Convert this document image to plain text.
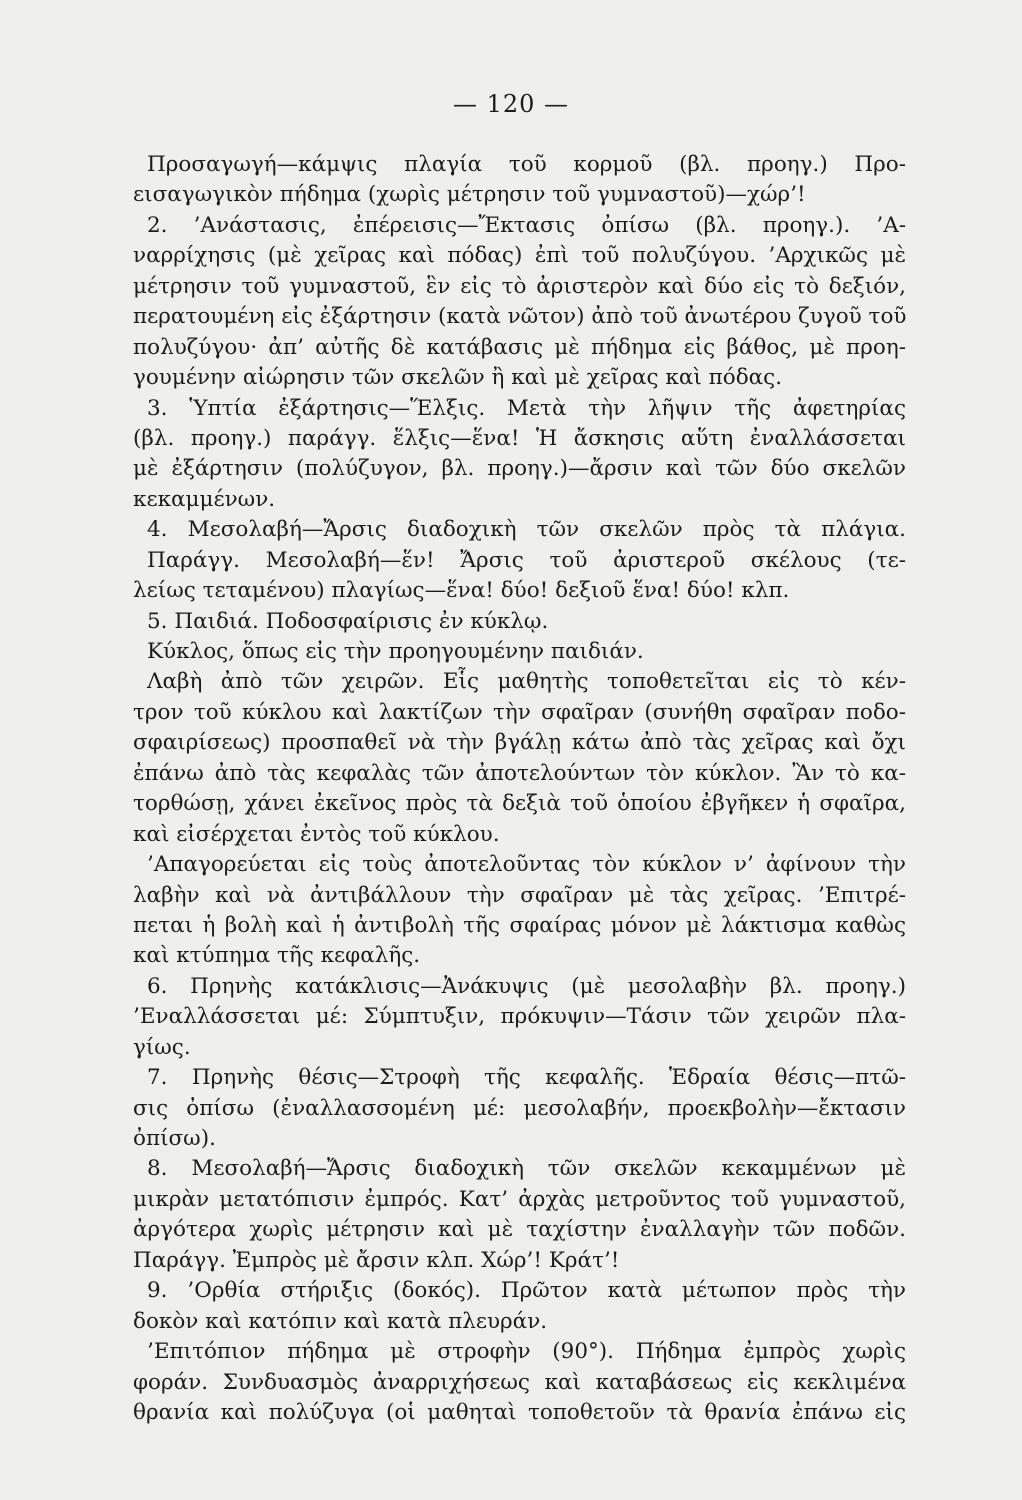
— 120 —
Προσαγωγή—κάμψις πλαγία τοῦ κορμοῦ (βλ. προηγ.) Προ-
εισαγωγικὸν πήδημα (χωρὶς μέτρησιν τοῦ γυμναστοῦ)—χώρ’!
2. ’Ανάστασις, ἐπέρεισις—Ἔκτασις ὀπίσω (βλ. προηγ.). ’Α-
ναρρίχησις (μὲ χεῖρας καὶ πόδας) ἐπὶ τοῦ πολυζύγου. ’Αρχικῶς μὲ
μέτρησιν τοῦ γυμναστοῦ, ἓν εἰς τὸ ἀριστερὸν καὶ δύο εἰς τὸ δεξιόν,
περατουμένη εἰς ἐξάρτησιν (κατὰ νῶτον) ἀπὸ τοῦ ἀνωτέρου ζυγοῦ τοῦ
πολυζύγου· ἀπ’ αὐτῆς δὲ κατάβασις μὲ πήδημα εἰς βάθος, μὲ προη-
γουμένην αἰώρησιν τῶν σκελῶν ἢ καὶ μὲ χεῖρας καὶ πόδας.
3. Ὑπτία ἐξάρτησις—Ἕλξις. Μετὰ τὴν λῆψιν τῆς ἀφετηρίας
(βλ. προηγ.) παράγγ. ἕλξις—ἕνα! Ἡ ἄσκησις αὕτη ἐναλλάσσεται
μὲ ἐξάρτησιν (πολύζυγον, βλ. προηγ.)—ἄρσιν καὶ τῶν δύο σκελῶν
κεκαμμένων.
4. Μεσολαβή—Ἄρσις διαδοχικὴ τῶν σκελῶν πρὸς τὰ πλάγια.
Παράγγ. Μεσολαβή—ἕν! Ἄρσις τοῦ ἀριστεροῦ σκέλους (τε-
λείως τεταμένου) πλαγίως—ἕνα! δύο! δεξιοῦ ἕνα! δύο! κλπ.
5. Παιδιά. Ποδοσφαίρισις ἐν κύκλῳ.
Κύκλος, ὅπως εἰς τὴν προηγουμένην παιδιάν.
Λαβὴ ἀπὸ τῶν χειρῶν. Εἷς μαθητὴς τοποθετεῖται εἰς τὸ κέν-
τρον τοῦ κύκλου καὶ λακτίζων τὴν σφαῖραν (συνήθη σφαῖραν ποδο-
σφαιρίσεως) προσπαθεῖ νὰ τὴν βγάλῃ κάτω ἀπὸ τὰς χεῖρας καὶ ὄχι
ἐπάνω ἀπὸ τὰς κεφαλὰς τῶν ἀποτελούντων τὸν κύκλον. Ἂν τὸ κα-
τορθώσῃ, χάνει ἐκεῖνος πρὸς τὰ δεξιὰ τοῦ ὁποίου ἐβγῆκεν ἡ σφαῖρα,
καὶ εἰσέρχεται ἐντὸς τοῦ κύκλου.
’Απαγορεύεται εἰς τοὺς ἀποτελοῦντας τὸν κύκλον ν’ ἀφίνουν τὴν
λαβὴν καὶ νὰ ἀντιβάλλουν τὴν σφαῖραν μὲ τὰς χεῖρας. ’Επιτρέ-
πεται ἡ βολὴ καὶ ἡ ἀντιβολὴ τῆς σφαίρας μόνον μὲ λάκτισμα καθὼς
καὶ κτύπημα τῆς κεφαλῆς.
6. Πρηνὴς κατάκλισις—Ἀνάκυψις (μὲ μεσολαβὴν βλ. προηγ.)
’Εναλλάσσεται μέ: Σύμπτυξιν, πρόκυψιν—Τάσιν τῶν χειρῶν πλα-
γίως.
7. Πρηνὴς θέσις—Στροφὴ τῆς κεφαλῆς. Ἑδραία θέσις—πτῶ-
σις ὀπίσω (ἐναλλασσομένη μέ: μεσολαβήν, προεκβολὴν—ἔκτασιν
ὀπίσω).
8. Μεσολαβή—Ἄρσις διαδοχικὴ τῶν σκελῶν κεκαμμένων μὲ
μικρὰν μετατόπισιν ἐμπρός. Κατ’ ἀρχὰς μετροῦντος τοῦ γυμναστοῦ,
ἀργότερα χωρὶς μέτρησιν καὶ μὲ ταχίστην ἐναλλαγὴν τῶν ποδῶν.
Παράγγ. Ἐμπρὸς μὲ ἄρσιν κλπ. Χώρ’! Κράτ’!
9. ’Ορθία στήριξις (δοκός). Πρῶτον κατὰ μέτωπον πρὸς τὴν
δοκὸν καὶ κατόπιν καὶ κατὰ πλευράν.
’Επιτόπιον πήδημα μὲ στροφὴν (90°). Πήδημα ἐμπρὸς χωρὶς
φοράν. Συνδυασμὸς ἀναρριχήσεως καὶ καταβάσεως εἰς κεκλιμένα
θρανία καὶ πολύζυγα (οἱ μαθηταὶ τοποθετοῦν τὰ θρανία ἐπάνω εἰς
